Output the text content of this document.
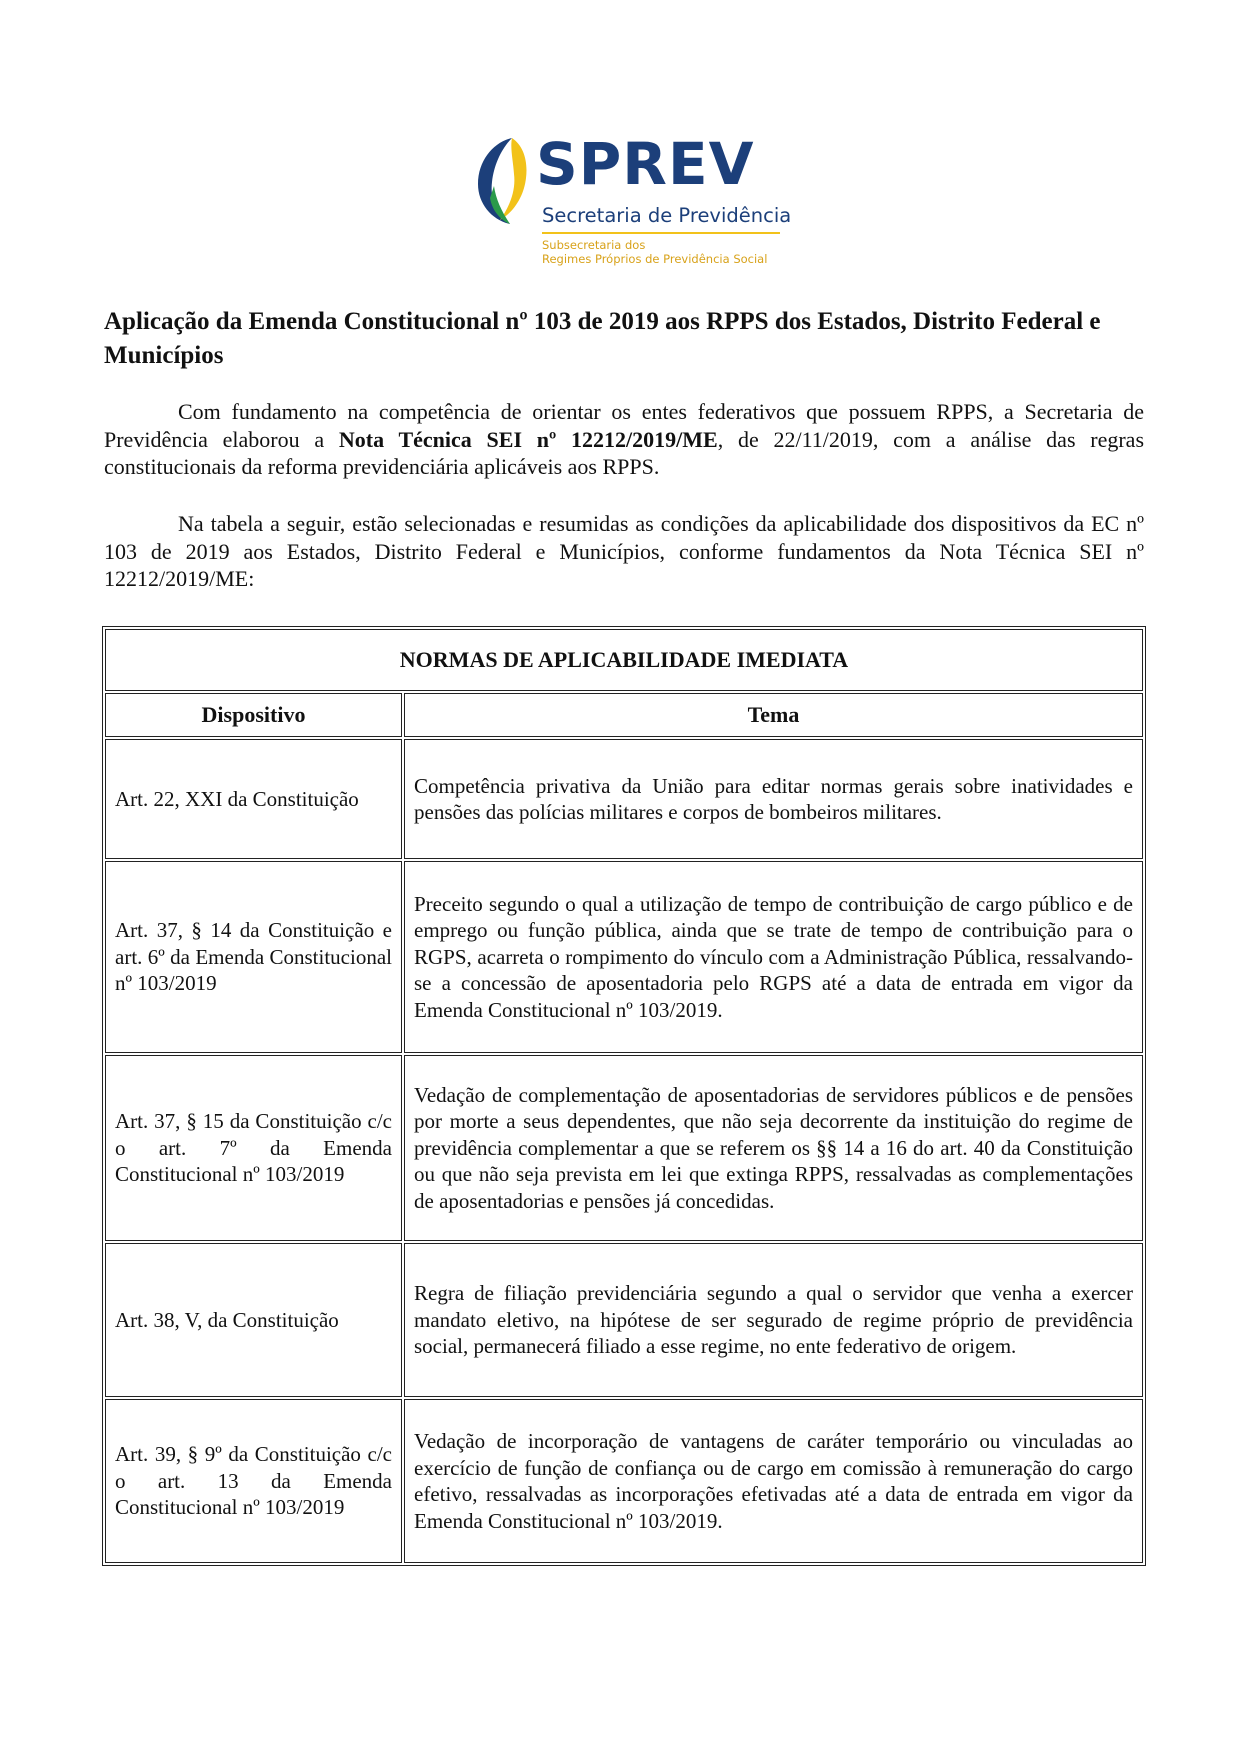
SPREV
Secretaria de Previdência
Subsecretaria dos
Regimes Próprios de Previdência Social
Aplicação da Emenda Constitucional nº 103 de 2019 aos RPPS dos Estados, Distrito Federal e Municípios

Com fundamento na competência de orientar os entes federativos que possuem RPPS, a Secretaria de Previdência elaborou a Nota Técnica SEI nº 12212/2019/ME, de 22/11/2019, com a análise das regras constitucionais da reforma previdenciária aplicáveis aos RPPS.

Na tabela a seguir, estão selecionadas e resumidas as condições da aplicabilidade dos dispositivos da EC nº 103 de 2019 aos Estados, Distrito Federal e Municípios, conforme fundamentos da Nota Técnica SEI nº 12212/2019/ME:

NORMAS DE APLICABILIDADE IMEDIATA	
Dispositivo	Tema
Art. 22, XXI da Constituição	Competência privativa da União para editar normas gerais sobre inatividades e pensões das polícias militares e corpos de bombeiros militares.
Art. 37, § 14 da Constituição e art. 6º da Emenda Constitucional nº 103/2019	Preceito segundo o qual a utilização de tempo de contribuição de cargo público e de emprego ou função pública, ainda que se trate de tempo de contribuição para o RGPS, acarreta o rompimento do vínculo com a Administração Pública, ressalvando-se a concessão de aposentadoria pelo RGPS até a data de entrada em vigor da Emenda Constitucional nº 103/2019.
Art. 37, § 15 da Constituição c/c o art. 7º da Emenda Constitucional nº 103/2019	Vedação de complementação de aposentadorias de servidores públicos e de pensões por morte a seus dependentes, que não seja decorrente da instituição do regime de previdência complementar a que se referem os §§ 14 a 16 do art. 40 da Constituição ou que não seja prevista em lei que extinga RPPS, ressalvadas as complementações de aposentadorias e pensões já concedidas.
Art. 38, V, da Constituição	Regra de filiação previdenciária segundo a qual o servidor que venha a exercer mandato eletivo, na hipótese de ser segurado de regime próprio de previdência social, permanecerá filiado a esse regime, no ente federativo de origem.
Art. 39, § 9º da Constituição c/c o art. 13 da Emenda Constitucional nº 103/2019	Vedação de incorporação de vantagens de caráter temporário ou vinculadas ao exercício de função de confiança ou de cargo em comissão à remuneração do cargo efetivo, ressalvadas as incorporações efetivadas até a data de entrada em vigor da Emenda Constitucional nº 103/2019.
